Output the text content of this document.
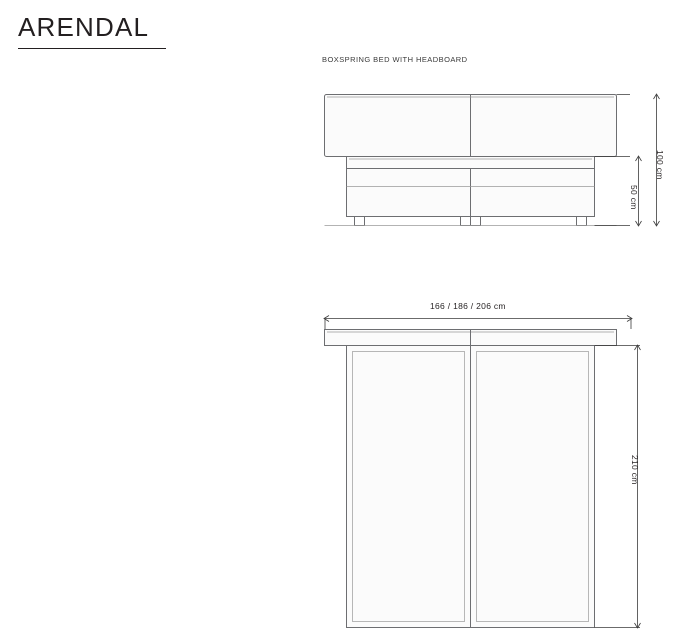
ARENDAL
BOXSPRING BED WITH HEADBOARD
100 cm
50 cm
166 / 186 / 206 cm
210 cm
